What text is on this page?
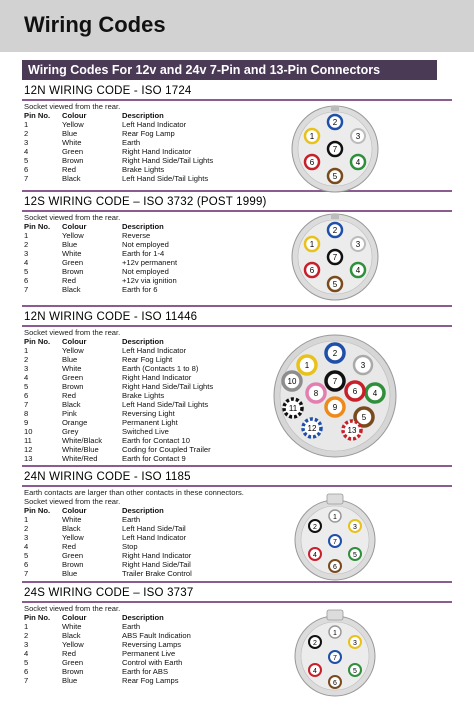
Wiring Codes
Wiring Codes For 12v and 24v 7-Pin and 13-Pin Connectors
12N WIRING CODE - ISO 1724
Socket viewed from the rear.
Pin No.	Colour	Description
1	Yellow	Left Hand Indicator
2	Blue	Rear Fog Lamp
3	White	Earth
4	Green	Right Hand Indicator
5	Brown	Right Hand Side/Tail Lights
6	Red	Brake Lights
7	Black	Left Hand Side/Tail Lights
12S WIRING CODE – ISO 3732 (POST 1999)
Socket viewed from the rear.
Pin No.	Colour	Description
1	Yellow	Reverse
2	Blue	Not employed
3	White	Earth for 1-4
4	Green	+12v permanent
5	Brown	Not employed
6	Red	+12v via ignition
7	Black	Earth for 6
12N WIRING CODE - ISO 11446
Socket viewed from the rear.
Pin No.	Colour	Description
1	Yellow	Left Hand Indicator
2	Blue	Rear Fog Light
3	White	Earth (Contacts 1 to 8)
4	Green	Right Hand Indicator
5	Brown	Right Hand Side/Tail Lights
6	Red	Brake Lights
7	Black	Left Hand Side/Tail Lights
8	Pink	Reversing Light
9	Orange	Permanent Light
10	Grey	Switched Live
11	White/Black	Earth for Contact 10
12	White/Blue	Coding for Coupled Trailer
13	White/Red	Earth for Contact 9
24N WIRING CODE - ISO 1185
Earth contacts are larger than other contacts in these connectors.
Socket viewed from the rear.
Pin No.	Colour	Description
1	White	Earth
2	Black	Left Hand Side/Tail
3	Yellow	Left Hand Indicator
4	Red	Stop
5	Green	Right Hand Indicator
6	Brown	Right Hand Side/Tail
7	Blue	Trailer Brake Control
24S WIRING CODE – ISO 3737
Socket viewed from the rear.
Pin No.	Colour	Description
1	White	Earth
2	Black	ABS Fault Indication
3	Yellow	Reversing Lamps
4	Red	Permanent Live
5	Green	Control with Earth
6	Brown	Earth for ABS
7	Blue	Rear Fog Lamps
1
2
3
4
5
6
7
1
2
3
4
5
6
7
1
2
3
4
5
6
7
8
9
10
11
12	13
1
2	3
4	5
6
7
1
2	3
4	5
6
7
